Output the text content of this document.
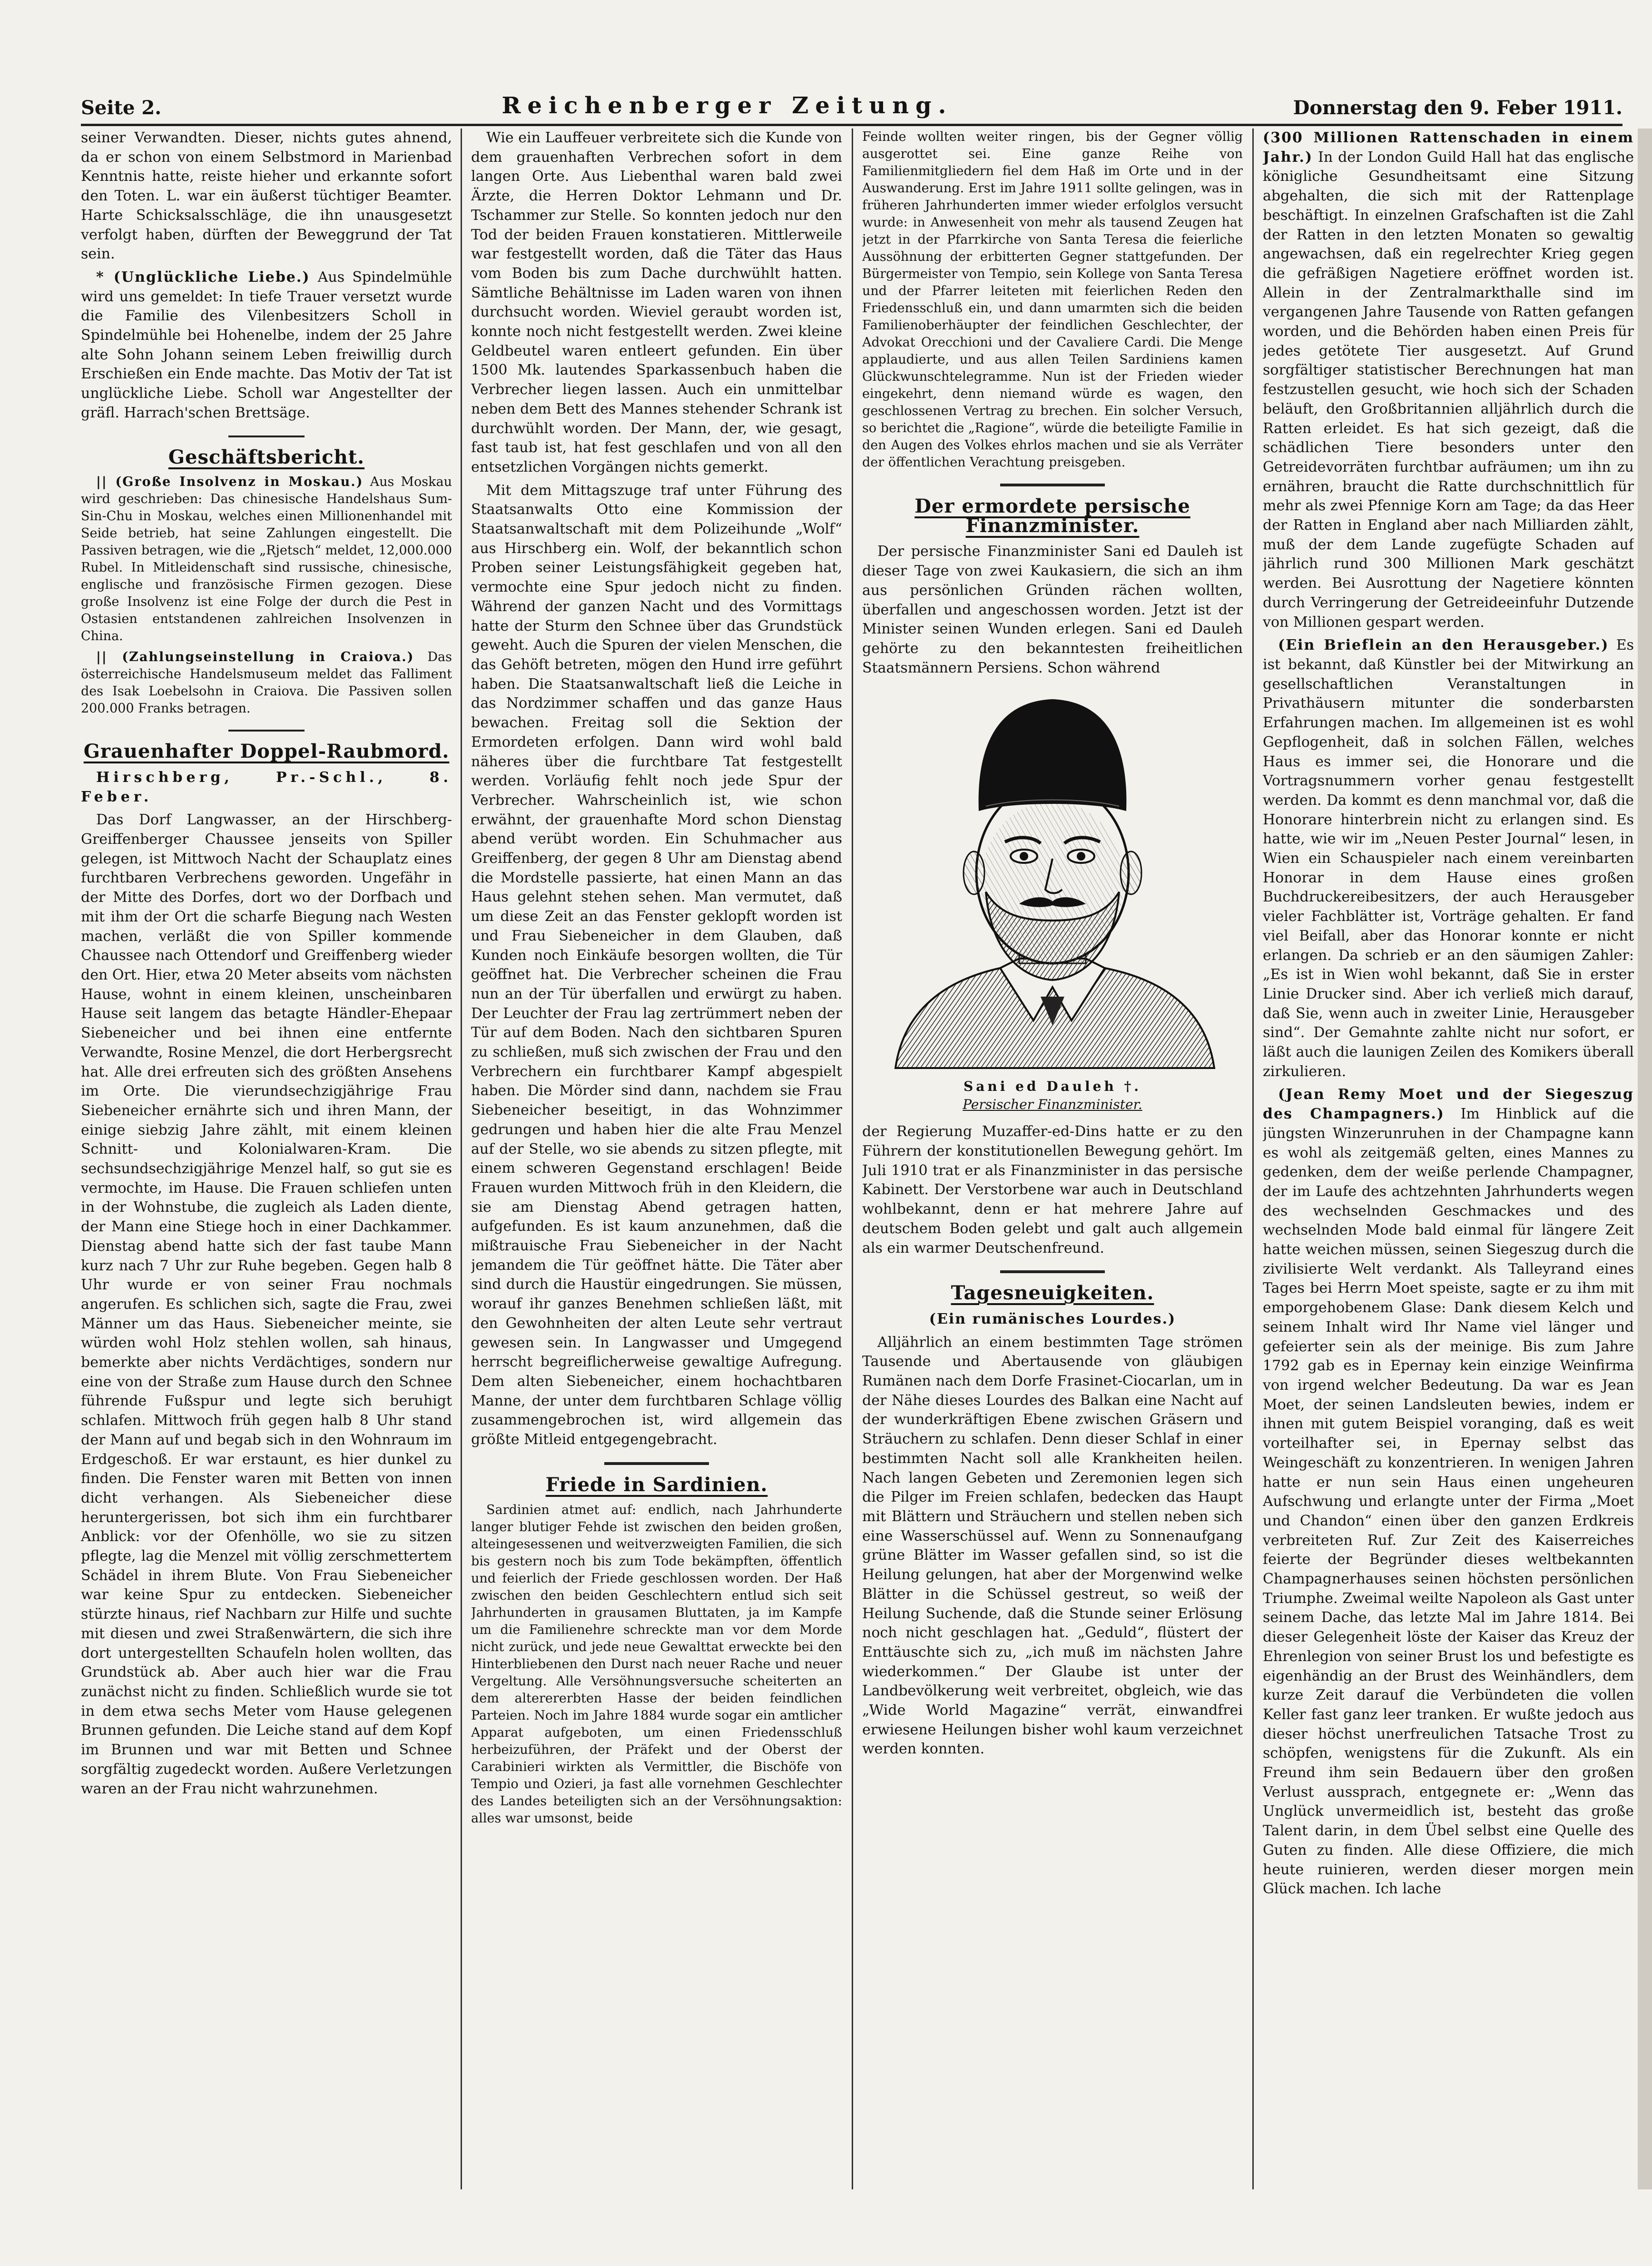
Seite 2.	Reichenberger Zeitung.	Donnerstag den 9. Feber 1911.

seiner Verwandten. Dieser, nichts gutes ahnend, da er schon von einem Selbstmord in Marienbad Kenntnis hatte, reiste hieher und erkannte sofort den Toten. L. war ein äußerst tüchtiger Beamter. Harte Schicksalsschläge, die ihn unausgesetzt verfolgt haben, dürften der Beweggrund der Tat sein.

* (Unglückliche Liebe.) Aus Spindelmühle wird uns gemeldet: In tiefe Trauer versetzt wurde die Familie des Vilenbesitzers Scholl in Spindelmühle bei Hohenelbe, indem der 25 Jahre alte Sohn Johann seinem Leben freiwillig durch Erschießen ein Ende machte. Das Motiv der Tat ist unglückliche Liebe. Scholl war Angestellter der gräfl. Harrach'schen Brettsäge.

Geschäftsbericht.

|| (Große Insolvenz in Moskau.) Aus Moskau wird geschrieben: Das chinesische Handelshaus Sum-Sin-Chu in Moskau, welches einen Millionenhandel mit Seide betrieb, hat seine Zahlungen eingestellt. Die Passiven betragen, wie die „Rjetsch“ meldet, 12,000.000 Rubel. In Mitleidenschaft sind russische, chinesische, englische und französische Firmen gezogen. Diese große Insolvenz ist eine Folge der durch die Pest in Ostasien entstandenen zahlreichen Insolvenzen in China.

|| (Zahlungseinstellung in Craiova.) Das österreichische Handelsmuseum meldet das Falliment des Isak Loebelsohn in Craiova. Die Passiven sollen 200.000 Franks betragen.

Grauenhafter Doppel-Raubmord.

Hirschberg, Pr.-Schl., 8. Feber.

Das Dorf Langwasser, an der Hirschberg-Greiffenberger Chaussee jenseits von Spiller gelegen, ist Mittwoch Nacht der Schauplatz eines furchtbaren Verbrechens geworden. Ungefähr in der Mitte des Dorfes, dort wo der Dorfbach und mit ihm der Ort die scharfe Biegung nach Westen machen, verläßt die von Spiller kommende Chaussee nach Ottendorf und Greiffenberg wieder den Ort. Hier, etwa 20 Meter abseits vom nächsten Hause, wohnt in einem kleinen, unscheinbaren Hause seit langem das betagte Händler-Ehepaar Siebeneicher und bei ihnen eine entfernte Verwandte, Rosine Menzel, die dort Herbergsrecht hat. Alle drei erfreuten sich des größten Ansehens im Orte. Die vierundsechzigjährige Frau Siebeneicher ernährte sich und ihren Mann, der einige siebzig Jahre zählt, mit einem kleinen Schnitt- und Kolonialwaren-Kram. Die sechsundsechzigjährige Menzel half, so gut sie es vermochte, im Hause. Die Frauen schliefen unten in der Wohnstube, die zugleich als Laden diente, der Mann eine Stiege hoch in einer Dachkammer. Dienstag abend hatte sich der fast taube Mann kurz nach 7 Uhr zur Ruhe begeben. Gegen halb 8 Uhr wurde er von seiner Frau nochmals angerufen. Es schlichen sich, sagte die Frau, zwei Männer um das Haus. Siebeneicher meinte, sie würden wohl Holz stehlen wollen, sah hinaus, bemerkte aber nichts Verdächtiges, sondern nur eine von der Straße zum Hause durch den Schnee führende Fußspur und legte sich beruhigt schlafen. Mittwoch früh gegen halb 8 Uhr stand der Mann auf und begab sich in den Wohnraum im Erdgeschoß. Er war erstaunt, es hier dunkel zu finden. Die Fenster waren mit Betten von innen dicht verhangen. Als Siebeneicher diese heruntergerissen, bot sich ihm ein furchtbarer Anblick: vor der Ofenhölle, wo sie zu sitzen pflegte, lag die Menzel mit völlig zerschmettertem Schädel in ihrem Blute. Von Frau Siebeneicher war keine Spur zu entdecken. Siebeneicher stürzte hinaus, rief Nachbarn zur Hilfe und suchte mit diesen und zwei Straßenwärtern, die sich ihre dort untergestellten Schaufeln holen wollten, das Grundstück ab. Aber auch hier war die Frau zunächst nicht zu finden. Schließlich wurde sie tot in dem etwa sechs Meter vom Hause gelegenen Brunnen gefunden. Die Leiche stand auf dem Kopf im Brunnen und war mit Betten und Schnee sorgfältig zugedeckt worden. Außere Verletzungen waren an der Frau nicht wahrzunehmen.

Wie ein Lauffeuer verbreitete sich die Kunde von dem grauenhaften Verbrechen sofort in dem langen Orte. Aus Liebenthal waren bald zwei Ärzte, die Herren Doktor Lehmann und Dr. Tschammer zur Stelle. So konnten jedoch nur den Tod der beiden Frauen konstatieren. Mittlerweile war festgestellt worden, daß die Täter das Haus vom Boden bis zum Dache durchwühlt hatten. Sämtliche Behältnisse im Laden waren von ihnen durchsucht worden. Wieviel geraubt worden ist, konnte noch nicht festgestellt werden. Zwei kleine Geldbeutel waren entleert gefunden. Ein über 1500 Mk. lautendes Sparkassenbuch haben die Verbrecher liegen lassen. Auch ein unmittelbar neben dem Bett des Mannes stehender Schrank ist durchwühlt worden. Der Mann, der, wie gesagt, fast taub ist, hat fest geschlafen und von all den entsetzlichen Vorgängen nichts gemerkt.

Mit dem Mittagszuge traf unter Führung des Staatsanwalts Otto eine Kommission der Staatsanwaltschaft mit dem Polizeihunde „Wolf“ aus Hirschberg ein. Wolf, der bekanntlich schon Proben seiner Leistungsfähigkeit gegeben hat, vermochte eine Spur jedoch nicht zu finden. Während der ganzen Nacht und des Vormittags hatte der Sturm den Schnee über das Grundstück geweht. Auch die Spuren der vielen Menschen, die das Gehöft betreten, mögen den Hund irre geführt haben. Die Staatsanwaltschaft ließ die Leiche in das Nordzimmer schaffen und das ganze Haus bewachen. Freitag soll die Sektion der Ermordeten erfolgen. Dann wird wohl bald näheres über die furchtbare Tat festgestellt werden. Vorläufig fehlt noch jede Spur der Verbrecher. Wahrscheinlich ist, wie schon erwähnt, der grauenhafte Mord schon Dienstag abend verübt worden. Ein Schuhmacher aus Greiffenberg, der gegen 8 Uhr am Dienstag abend die Mordstelle passierte, hat einen Mann an das Haus gelehnt stehen sehen. Man vermutet, daß um diese Zeit an das Fenster geklopft worden ist und Frau Siebeneicher in dem Glauben, daß Kunden noch Einkäufe besorgen wollten, die Tür geöffnet hat. Die Verbrecher scheinen die Frau nun an der Tür überfallen und erwürgt zu haben. Der Leuchter der Frau lag zertrümmert neben der Tür auf dem Boden. Nach den sichtbaren Spuren zu schließen, muß sich zwischen der Frau und den Verbrechern ein furchtbarer Kampf abgespielt haben. Die Mörder sind dann, nachdem sie Frau Siebeneicher beseitigt, in das Wohnzimmer gedrungen und haben hier die alte Frau Menzel auf der Stelle, wo sie abends zu sitzen pflegte, mit einem schweren Gegenstand erschlagen! Beide Frauen wurden Mittwoch früh in den Kleidern, die sie am Dienstag Abend getragen hatten, aufgefunden. Es ist kaum anzunehmen, daß die mißtrauische Frau Siebeneicher in der Nacht jemandem die Tür geöffnet hätte. Die Täter aber sind durch die Haustür eingedrungen. Sie müssen, worauf ihr ganzes Benehmen schließen läßt, mit den Gewohnheiten der alten Leute sehr vertraut gewesen sein. In Langwasser und Umgegend herrscht begreiflicherweise gewaltige Aufregung. Dem alten Siebeneicher, einem hochachtbaren Manne, der unter dem furchtbaren Schlage völlig zusammengebrochen ist, wird allgemein das größte Mitleid entgegengebracht.

Friede in Sardinien.

Sardinien atmet auf: endlich, nach Jahrhunderte langer blutiger Fehde ist zwischen den beiden großen, alteingesessenen und weitverzweigten Familien, die sich bis gestern noch bis zum Tode bekämpften, öffentlich und feierlich der Friede geschlossen worden. Der Haß zwischen den beiden Geschlechtern entlud sich seit Jahrhunderten in grausamen Bluttaten, ja im Kampfe um die Familienehre schreckte man vor dem Morde nicht zurück, und jede neue Gewalttat erweckte bei den Hinterbliebenen den Durst nach neuer Rache und neuer Vergeltung. Alle Versöhnungsversuche scheiterten an dem alterererbten Hasse der beiden feindlichen Parteien. Noch im Jahre 1884 wurde sogar ein amtlicher Apparat aufgeboten, um einen Friedensschluß herbeizuführen, der Präfekt und der Oberst der Carabinieri wirkten als Vermittler, die Bischöfe von Tempio und Ozieri, ja fast alle vornehmen Geschlechter des Landes beteiligten sich an der Versöhnungsaktion: alles war umsonst, beide

Feinde wollten weiter ringen, bis der Gegner völlig ausgerottet sei. Eine ganze Reihe von Familienmitgliedern fiel dem Haß im Orte und in der Auswanderung. Erst im Jahre 1911 sollte gelingen, was in früheren Jahrhunderten immer wieder erfolglos versucht wurde: in Anwesenheit von mehr als tausend Zeugen hat jetzt in der Pfarrkirche von Santa Teresa die feierliche Aussöhnung der erbitterten Gegner stattgefunden. Der Bürgermeister von Tempio, sein Kollege von Santa Teresa und der Pfarrer leiteten mit feierlichen Reden den Friedensschluß ein, und dann umarmten sich die beiden Familienoberhäupter der feindlichen Geschlechter, der Advokat Orecchioni und der Cavaliere Cardi. Die Menge applaudierte, und aus allen Teilen Sardiniens kamen Glückwunschtelegramme. Nun ist der Frieden wieder eingekehrt, denn niemand würde es wagen, den geschlossenen Vertrag zu brechen. Ein solcher Versuch, so berichtet die „Ragione“, würde die beteiligte Familie in den Augen des Volkes ehrlos machen und sie als Verräter der öffentlichen Verachtung preisgeben.

Der ermordete persische Finanzminister.

Der persische Finanzminister Sani ed Dauleh ist dieser Tage von zwei Kaukasiern, die sich an ihm aus persönlichen Gründen rächen wollten, überfallen und angeschossen worden. Jetzt ist der Minister seinen Wunden erlegen. Sani ed Dauleh gehörte zu den bekanntesten freiheitlichen Staatsmännern Persiens. Schon während

Sani ed Dauleh †.
Persischer Finanzminister.

der Regierung Muzaffer-ed-Dins hatte er zu den Führern der konstitutionellen Bewegung gehört. Im Juli 1910 trat er als Finanzminister in das persische Kabinett. Der Verstorbene war auch in Deutschland wohlbekannt, denn er hat mehrere Jahre auf deutschem Boden gelebt und galt auch allgemein als ein warmer Deutschenfreund.

Tagesneuigkeiten.

(Ein rumänisches Lourdes.)

Alljährlich an einem bestimmten Tage strömen Tausende und Abertausende von gläubigen Rumänen nach dem Dorfe Frasinet-Ciocarlan, um in der Nähe dieses Lourdes des Balkan eine Nacht auf der wunderkräftigen Ebene zwischen Gräsern und Sträuchern zu schlafen. Denn dieser Schlaf in einer bestimmten Nacht soll alle Krankheiten heilen. Nach langen Gebeten und Zeremonien legen sich die Pilger im Freien schlafen, bedecken das Haupt mit Blättern und Sträuchern und stellen neben sich eine Wasserschüssel auf. Wenn zu Sonnenaufgang grüne Blätter im Wasser gefallen sind, so ist die Heilung gelungen, hat aber der Morgenwind welke Blätter in die Schüssel gestreut, so weiß der Heilung Suchende, daß die Stunde seiner Erlösung noch nicht geschlagen hat. „Geduld“, flüstert der Enttäuschte sich zu, „ich muß im nächsten Jahre wiederkommen.“ Der Glaube ist unter der Landbevölkerung weit verbreitet, obgleich, wie das „Wide World Magazine“ verrät, einwandfrei erwiesene Heilungen bisher wohl kaum verzeichnet werden konnten.

(300 Millionen Rattenschaden in einem Jahr.) In der London Guild Hall hat das englische königliche Gesundheitsamt eine Sitzung abgehalten, die sich mit der Rattenplage beschäftigt. In einzelnen Grafschaften ist die Zahl der Ratten in den letzten Monaten so gewaltig angewachsen, daß ein regelrechter Krieg gegen die gefräßigen Nagetiere eröffnet worden ist. Allein in der Zentralmarkthalle sind im vergangenen Jahre Tausende von Ratten gefangen worden, und die Behörden haben einen Preis für jedes getötete Tier ausgesetzt. Auf Grund sorgfältiger statistischer Berechnungen hat man festzustellen gesucht, wie hoch sich der Schaden beläuft, den Großbritannien alljährlich durch die Ratten erleidet. Es hat sich gezeigt, daß die schädlichen Tiere besonders unter den Getreidevorräten furchtbar aufräumen; um ihn zu ernähren, braucht die Ratte durchschnittlich für mehr als zwei Pfennige Korn am Tage; da das Heer der Ratten in England aber nach Milliarden zählt, muß der dem Lande zugefügte Schaden auf jährlich rund 300 Millionen Mark geschätzt werden. Bei Ausrottung der Nagetiere könnten durch Verringerung der Getreideeinfuhr Dutzende von Millionen gespart werden.

(Ein Brieflein an den Herausgeber.) Es ist bekannt, daß Künstler bei der Mitwirkung an gesellschaftlichen Veranstaltungen in Privathäusern mitunter die sonderbarsten Erfahrungen machen. Im allgemeinen ist es wohl Gepflogenheit, daß in solchen Fällen, welches Haus es immer sei, die Honorare und die Vortragsnummern vorher genau festgestellt werden. Da kommt es denn manchmal vor, daß die Honorare hinterbrein nicht zu erlangen sind. Es hatte, wie wir im „Neuen Pester Journal“ lesen, in Wien ein Schauspieler nach einem vereinbarten Honorar in dem Hause eines großen Buchdruckereibesitzers, der auch Herausgeber vieler Fachblätter ist, Vorträge gehalten. Er fand viel Beifall, aber das Honorar konnte er nicht erlangen. Da schrieb er an den säumigen Zahler: „Es ist in Wien wohl bekannt, daß Sie in erster Linie Drucker sind. Aber ich verließ mich darauf, daß Sie, wenn auch in zweiter Linie, Herausgeber sind“. Der Gemahnte zahlte nicht nur sofort, er läßt auch die launigen Zeilen des Komikers überall zirkulieren.

(Jean Remy Moet und der Siegeszug des Champagners.) Im Hinblick auf die jüngsten Winzerunruhen in der Champagne kann es wohl als zeitgemäß gelten, eines Mannes zu gedenken, dem der weiße perlende Champagner, der im Laufe des achtzehnten Jahrhunderts wegen des wechselnden Geschmackes und des wechselnden Mode bald einmal für längere Zeit hatte weichen müssen, seinen Siegeszug durch die zivilisierte Welt verdankt. Als Talleyrand eines Tages bei Herrn Moet speiste, sagte er zu ihm mit emporgehobenem Glase: Dank diesem Kelch und seinem Inhalt wird Ihr Name viel länger und gefeierter sein als der meinige. Bis zum Jahre 1792 gab es in Epernay kein einzige Weinfirma von irgend welcher Bedeutung. Da war es Jean Moet, der seinen Landsleuten bewies, indem er ihnen mit gutem Beispiel voranging, daß es weit vorteilhafter sei, in Epernay selbst das Weingeschäft zu konzentrieren. In wenigen Jahren hatte er nun sein Haus einen ungeheuren Aufschwung und erlangte unter der Firma „Moet und Chandon“ einen über den ganzen Erdkreis verbreiteten Ruf. Zur Zeit des Kaiserreiches feierte der Begründer dieses weltbekannten Champagnerhauses seinen höchsten persönlichen Triumphe. Zweimal weilte Napoleon als Gast unter seinem Dache, das letzte Mal im Jahre 1814. Bei dieser Gelegenheit löste der Kaiser das Kreuz der Ehrenlegion von seiner Brust los und befestigte es eigenhändig an der Brust des Weinhändlers, dem kurze Zeit darauf die Verbündeten die vollen Keller fast ganz leer tranken. Er wußte jedoch aus dieser höchst unerfreulichen Tatsache Trost zu schöpfen, wenigstens für die Zukunft. Als ein Freund ihm sein Bedauern über den großen Verlust aussprach, entgegnete er: „Wenn das Unglück unvermeidlich ist, besteht das große Talent darin, in dem Übel selbst eine Quelle des Guten zu finden. Alle diese Offiziere, die mich heute ruinieren, werden dieser morgen mein Glück machen. Ich lache
